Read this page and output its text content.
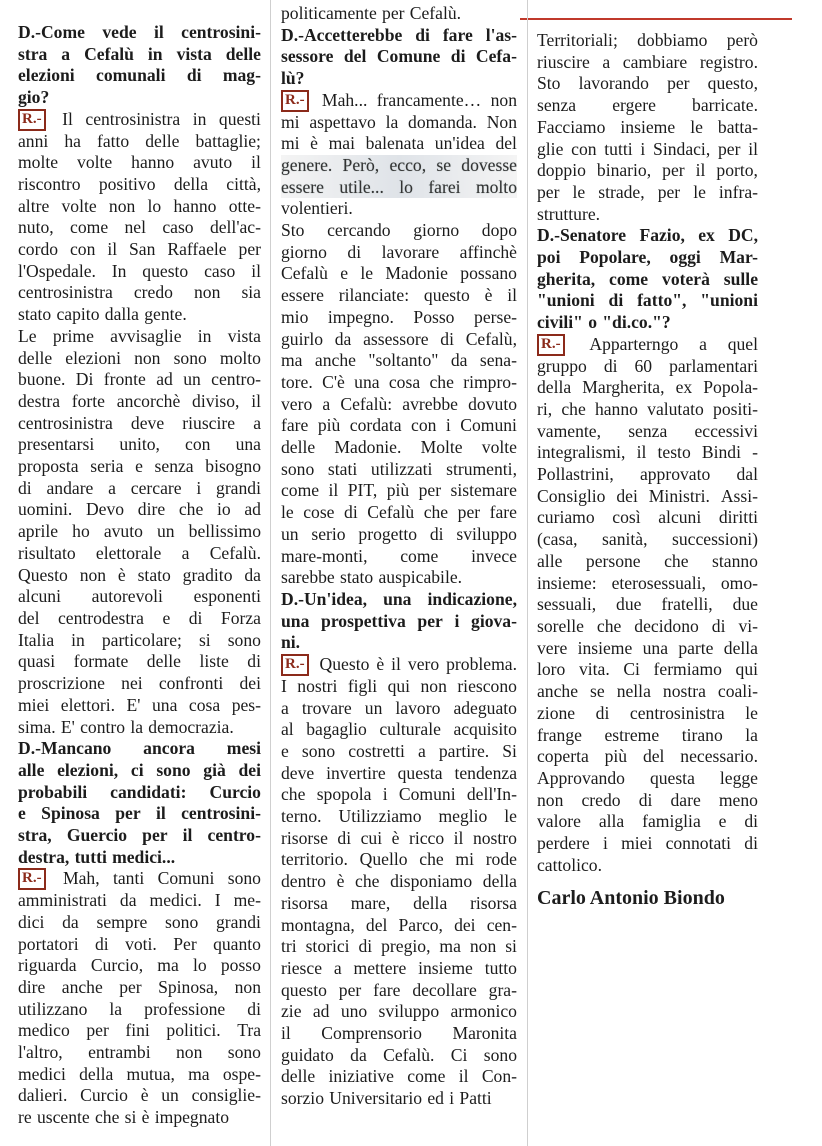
D.-Come vede il centrosini-
stra a Cefalù in vista delle
elezioni comunali di mag-
gio?
R.- Il centrosinistra in questi
anni ha fatto delle battaglie;
molte volte hanno avuto il
riscontro positivo della città,
altre volte non lo hanno otte-
nuto, come nel caso dell'ac-
cordo con il San Raffaele per
l'Ospedale. In questo caso il
centrosinistra credo non sia
stato capito dalla gente.
Le prime avvisaglie in vista
delle elezioni non sono molto
buone. Di fronte ad un centro-
destra forte ancorchè diviso, il
centrosinistra deve riuscire a
presentarsi unito, con una
proposta seria e senza bisogno
di andare a cercare i grandi
uomini. Devo dire che io ad
aprile ho avuto un bellissimo
risultato elettorale a Cefalù.
Questo non è stato gradito da
alcuni autorevoli esponenti
del centrodestra e di Forza
Italia in particolare; si sono
quasi formate delle liste di
proscrizione nei confronti dei
miei elettori. E' una cosa pes-
sima. E' contro la democrazia.
D.-Mancano ancora mesi
alle elezioni, ci sono già dei
probabili candidati: Curcio
e Spinosa per il centrosini-
stra, Guercio per il centro-
destra, tutti medici...
R.- Mah, tanti Comuni sono
amministrati da medici. I me-
dici da sempre sono grandi
portatori di voti. Per quanto
riguarda Curcio, ma lo posso
dire anche per Spinosa, non
utilizzano la professione di
medico per fini politici. Tra
l'altro, entrambi non sono
medici della mutua, ma ospe-
dalieri. Curcio è un consiglie-
re uscente che si è impegnato
politicamente per Cefalù.
D.-Accetterebbe di fare l'as-
sessore del Comune di Cefa-
lù?
R.- Mah... francamente… non
mi aspettavo la domanda. Non
mi è mai balenata un'idea del
genere. Però, ecco, se dovesse
essere utile... lo farei molto
volentieri.
Sto cercando giorno dopo
giorno di lavorare affinchè
Cefalù e le Madonie possano
essere rilanciate: questo è il
mio impegno. Posso perse-
guirlo da assessore di Cefalù,
ma anche "soltanto" da sena-
tore. C'è una cosa che rimpro-
vero a Cefalù: avrebbe dovuto
fare più cordata con i Comuni
delle Madonie. Molte volte
sono stati utilizzati strumenti,
come il PIT, più per sistemare
le cose di Cefalù che per fare
un serio progetto di sviluppo
mare-monti, come invece
sarebbe stato auspicabile.
D.-Un'idea, una indicazione,
una prospettiva per i giova-
ni.
R.- Questo è il vero problema.
I nostri figli qui non riescono
a trovare un lavoro adeguato
al bagaglio culturale acquisito
e sono costretti a partire. Si
deve invertire questa tendenza
che spopola i Comuni dell'In-
terno. Utilizziamo meglio le
risorse di cui è ricco il nostro
territorio. Quello che mi rode
dentro è che disponiamo della
risorsa mare, della risorsa
montagna, del Parco, dei cen-
tri storici di pregio, ma non si
riesce a mettere insieme tutto
questo per fare decollare gra-
zie ad uno sviluppo armonico
il Comprensorio Maronita
guidato da Cefalù. Ci sono
delle iniziative come il Con-
sorzio Universitario ed i Patti
Territoriali; dobbiamo però
riuscire a cambiare registro.
Sto lavorando per questo,
senza ergere barricate.
Facciamo insieme le batta-
glie con tutti i Sindaci, per il
doppio binario, per il porto,
per le strade, per le infra-
strutture.
D.-Senatore Fazio, ex DC,
poi Popolare, oggi Mar-
gherita, come voterà sulle
"unioni di fatto", "unioni
civili" o "di.co."?
R.- Apparterngo a quel
gruppo di 60 parlamentari
della Margherita, ex Popola-
ri, che hanno valutato positi-
vamente, senza eccessivi
integralismi, il testo Bindi -
Pollastrini, approvato dal
Consiglio dei Ministri. Assi-
curiamo così alcuni diritti
(casa, sanità, successioni)
alle persone che stanno
insieme: eterosessuali, omo-
sessuali, due fratelli, due
sorelle che decidono di vi-
vere insieme una parte della
loro vita. Ci fermiamo qui
anche se nella nostra coali-
zione di centrosinistra le
frange estreme tirano la
coperta più del necessario.
Approvando questa legge
non credo di dare meno
valore alla famiglia e di
perdere i miei connotati di
cattolico.
Carlo Antonio Biondo
